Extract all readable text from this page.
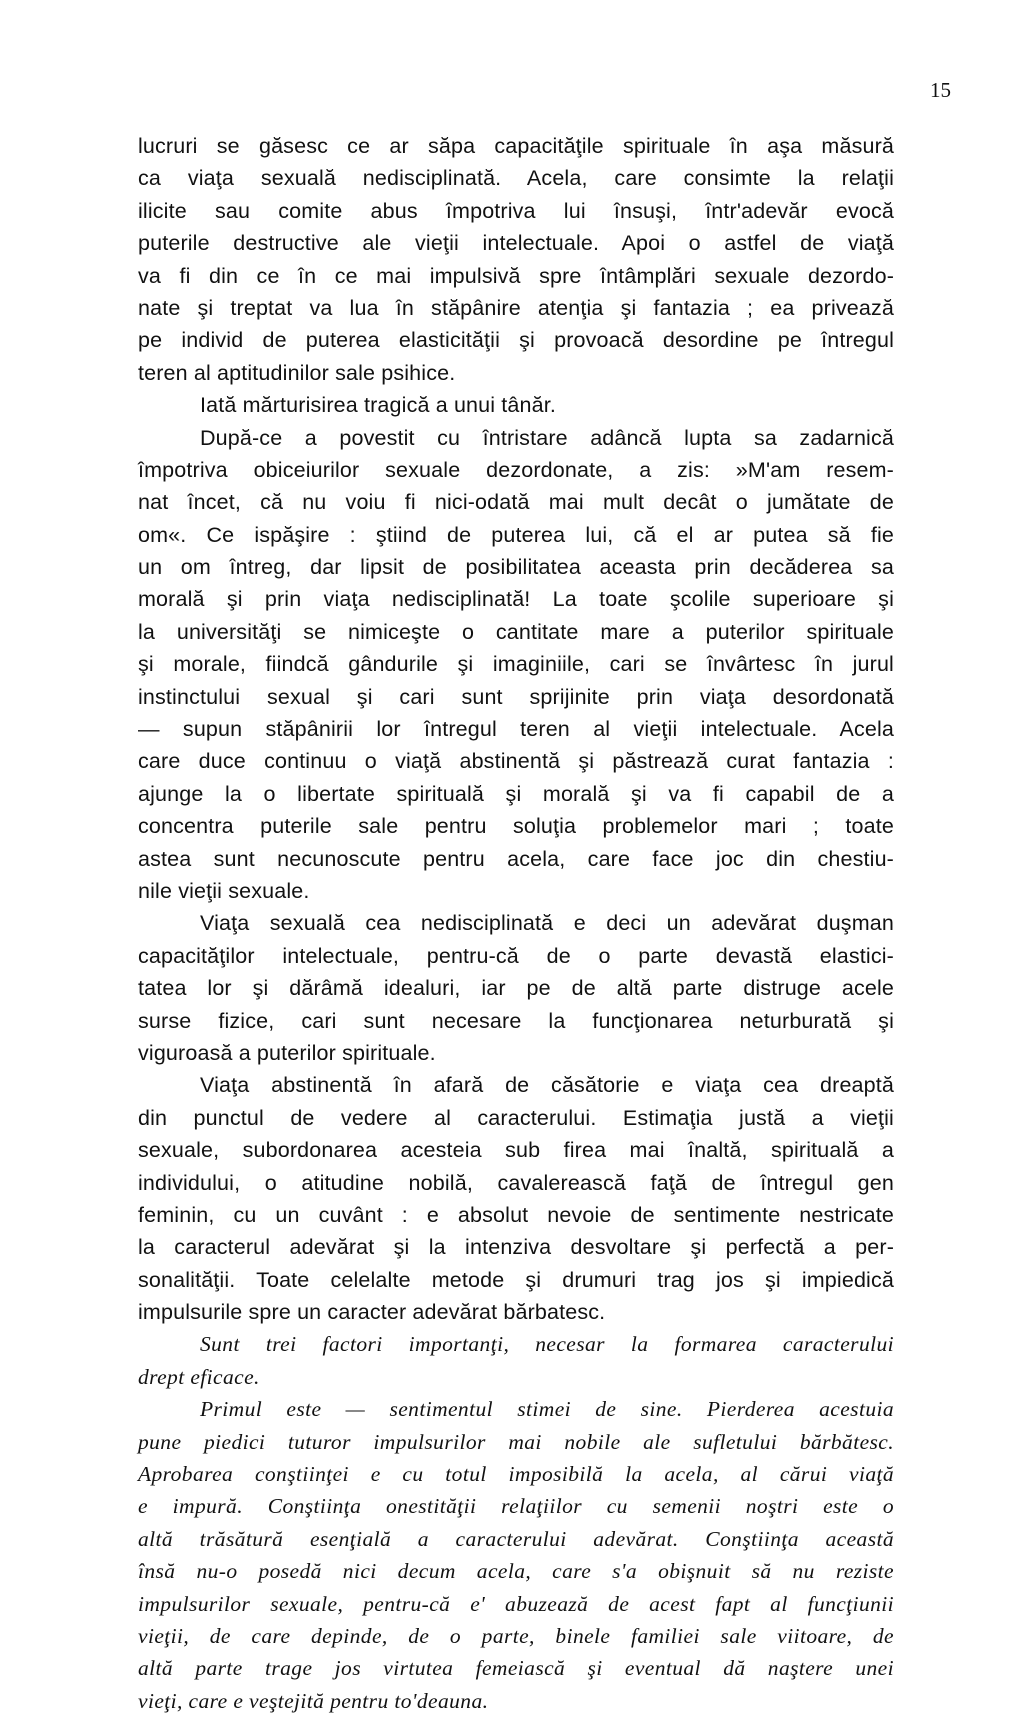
15
lucruri se găsesc ce ar săpa capacităţile spirituale în aşa măsură
ca viaţa sexuală nedisciplinată. Acela, care consimte la relaţii
ilicite sau comite abus împotriva lui însuşi, într'adevăr evocă
puterile destructive ale vieţii intelectuale. Apoi o astfel de viaţă
va fi din ce în ce mai impulsivă spre întâmplări sexuale dezordo-
nate şi treptat va lua în stăpânire atenţia şi fantazia ; ea privează
pe individ de puterea elasticităţii şi provoacă desordine pe întregul
teren al aptitudinilor sale psihice.
Iată mărturisirea tragică a unui tânăr.
După-ce a povestit cu întristare adâncă lupta sa zadarnică
împotriva obiceiurilor sexuale dezordonate, a zis: »M'am resem-
nat încet, că nu voiu fi nici-odată mai mult decât o jumătate de
om«. Ce ispăşire : ştiind de puterea lui, că el ar putea să fie
un om întreg, dar lipsit de posibilitatea aceasta prin decăderea sa
morală şi prin viaţa nedisciplinată! La toate şcolile superioare şi
la universităţi se nimiceşte o cantitate mare a puterilor spirituale
şi morale, fiindcă gândurile şi imaginiile, cari se învârtesc în jurul
instinctului sexual şi cari sunt sprijinite prin viaţa desordonată
— supun stăpânirii lor întregul teren al vieţii intelectuale. Acela
care duce continuu o viaţă abstinentă şi păstrează curat fantazia :
ajunge la o libertate spirituală şi morală şi va fi capabil de a
concentra puterile sale pentru soluţia problemelor mari ; toate
astea sunt necunoscute pentru acela, care face joc din chestiu-
nile vieţii sexuale.
Viaţa sexuală cea nedisciplinată e deci un adevărat duşman
capacităţilor intelectuale, pentru-că de o parte devastă elastici-
tatea lor şi dărâmă idealuri, iar pe de altă parte distruge acele
surse fizice, cari sunt necesare la funcţionarea neturburată şi
viguroasă a puterilor spirituale.
Viaţa abstinentă în afară de căsătorie e viaţa cea dreaptă
din punctul de vedere al caracterului. Estimaţia justă a vieţii
sexuale, subordonarea acesteia sub firea mai înaltă, spirituală a
individului, o atitudine nobilă, cavalerească faţă de întregul gen
feminin, cu un cuvânt : e absolut nevoie de sentimente nestricate
la caracterul adevărat şi la intenziva desvoltare şi perfectă a per-
sonalităţii. Toate celelalte metode şi drumuri trag jos şi impiedică
impulsurile spre un caracter adevărat bărbatesc.
Sunt trei factori importanţi, necesar la formarea caracterului
drept eficace.
Primul este — sentimentul stimei de sine. Pierderea acestuia
pune piedici tuturor impulsurilor mai nobile ale sufletului bărbătesc.
Aprobarea conştiinţei e cu totul imposibilă la acela, al cărui viaţă
e impură. Conştiinţa onestităţii relaţiilor cu semenii noştri este o
altă trăsătură esenţială a caracterului adevărat. Conştiinţa această
însă nu-o posedă nici decum acela, care s'a obişnuit să nu reziste
impulsurilor sexuale, pentru-că e' abuzează de acest fapt al funcţiunii
vieţii, de care depinde, de o parte, binele familiei sale viitoare, de
altă parte trage jos virtutea femeiască şi eventual dă naştere unei
vieţi, care e veştejită pentru to'deauna.
